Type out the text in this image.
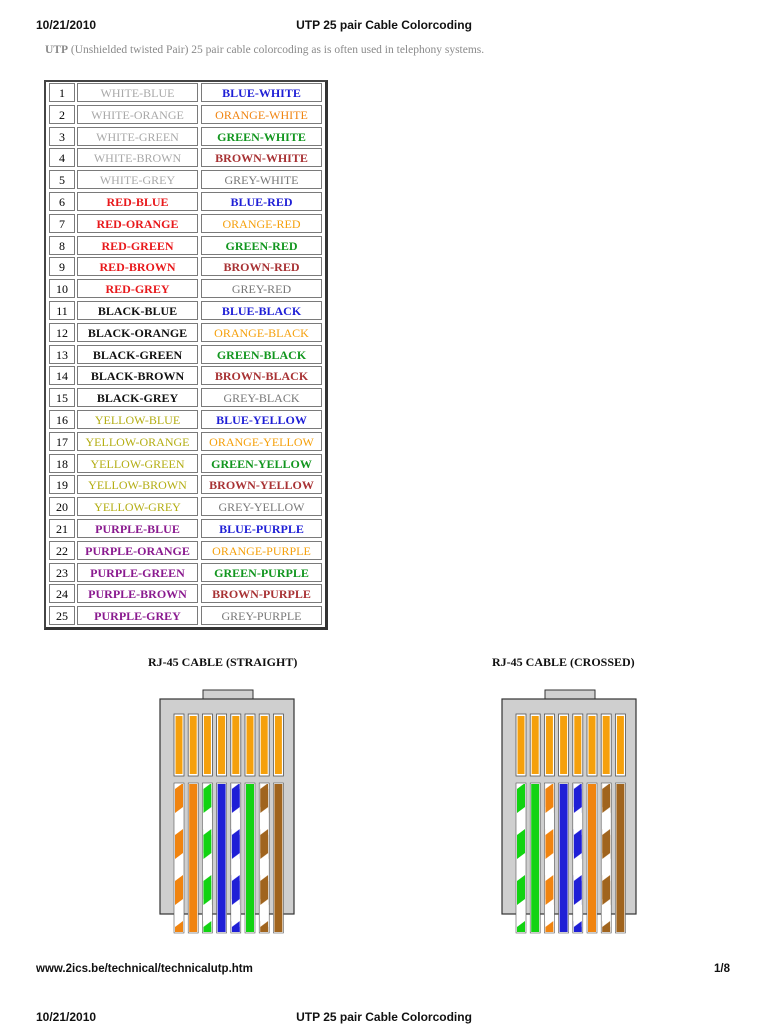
10/21/2010	UTP 25 pair Cable Colorcoding
UTP (Unshielded twisted Pair) 25 pair cable colorcoding as is often used in telephony systems.
1	WHITE-BLUE	BLUE-WHITE
2	WHITE-ORANGE	ORANGE-WHITE
3	WHITE-GREEN	GREEN-WHITE
4	WHITE-BROWN	BROWN-WHITE
5	WHITE-GREY	GREY-WHITE
6	RED-BLUE	BLUE-RED
7	RED-ORANGE	ORANGE-RED
8	RED-GREEN	GREEN-RED
9	RED-BROWN	BROWN-RED
10	RED-GREY	GREY-RED
11	BLACK-BLUE	BLUE-BLACK
12	BLACK-ORANGE	ORANGE-BLACK
13	BLACK-GREEN	GREEN-BLACK
14	BLACK-BROWN	BROWN-BLACK
15	BLACK-GREY	GREY-BLACK
16	YELLOW-BLUE	BLUE-YELLOW
17	YELLOW-ORANGE	ORANGE-YELLOW
18	YELLOW-GREEN	GREEN-YELLOW
19	YELLOW-BROWN	BROWN-YELLOW
20	YELLOW-GREY	GREY-YELLOW
21	PURPLE-BLUE	BLUE-PURPLE
22	PURPLE-ORANGE	ORANGE-PURPLE
23	PURPLE-GREEN	GREEN-PURPLE
24	PURPLE-BROWN	BROWN-PURPLE
25	PURPLE-GREY	GREY-PURPLE
RJ-45 CABLE (STRAIGHT)	RJ-45 CABLE (CROSSED)
www.2ics.be/technical/technicalutp.htm	1/8
10/21/2010	UTP 25 pair Cable Colorcoding
